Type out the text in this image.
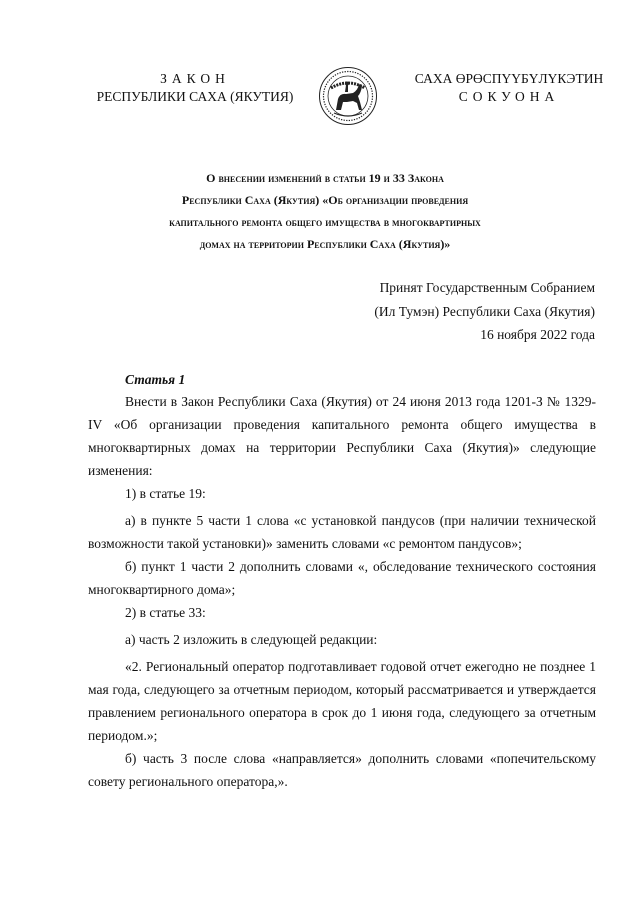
ЗАКОН
РЕСПУБЛИКИ САХА (ЯКУТИЯ)
САХА ӨРӨСПҮҮБҮЛҮКЭТИН
СОКУОНА
О внесении изменений в статьи 19 и 33 Закона
Республики Саха (Якутия) «Об организации проведения
капитального ремонта общего имущества в многоквартирных
домах на территории Республики Саха (Якутия)»
Принят Государственным Собранием
(Ил Тумэн) Республики Саха (Якутия)
16 ноября 2022 года
Статья 1

Внести в Закон Республики Саха (Якутия) от 24 июня 2013 года 1201-З № 1329-IV «Об организации проведения капитального ремонта общего имущества в многоквартирных домах на территории Республики Саха (Якутия)» следующие изменения:

1) в статье 19:

а) в пункте 5 части 1 слова «с установкой пандусов (при наличии технической возможности такой установки)» заменить словами «с ремонтом пандусов»;

б) пункт 1 части 2 дополнить словами «, обследование технического состояния многоквартирного дома»;

2) в статье 33:

а) часть 2 изложить в следующей редакции:

«2. Региональный оператор подготавливает годовой отчет ежегодно не позднее 1 мая года, следующего за отчетным периодом, который рассматривается и утверждается правлением регионального оператора в срок до 1 июня года, следующего за отчетным периодом.»;

б) часть 3 после слова «направляется» дополнить словами «попечительскому совету регионального оператора,».
